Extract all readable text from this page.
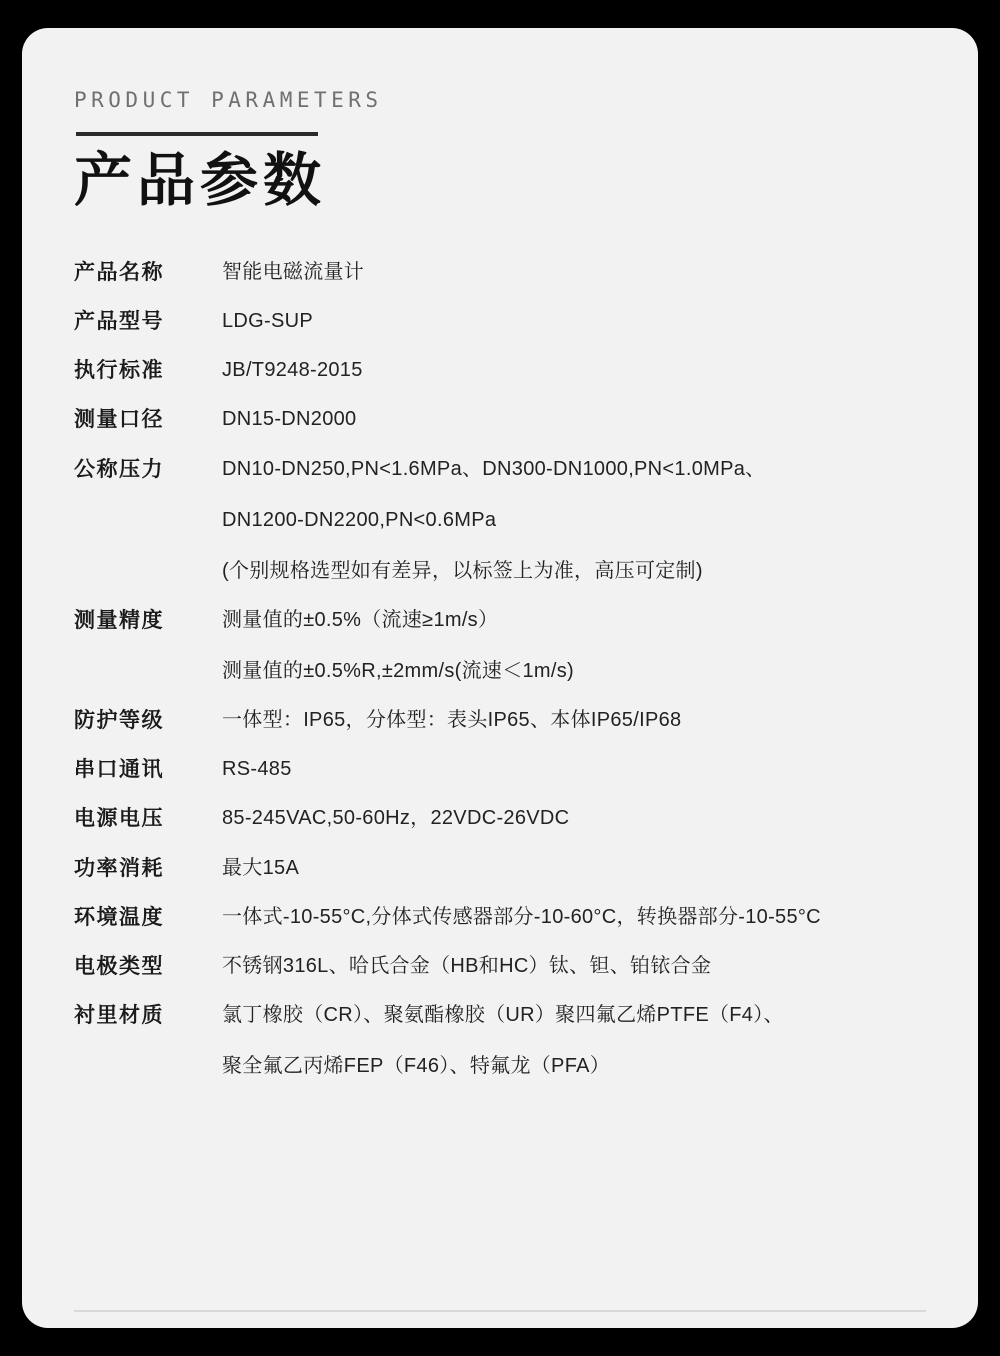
PRODUCT PARAMETERS
产品参数
产品名称	智能电磁流量计

产品型号	LDG-SUP

执行标准	JB/T9248-2015

测量口径	DN15-DN2000

公称压力	DN10-DN250,PN<1.6MPa、DN300-DN1000,PN<1.0MPa、
DN1200-DN2200,PN<0.6MPa
(个别规格选型如有差异，以标签上为准，高压可定制)

测量精度	测量值的±0.5%（流速≥1m/s）
测量值的±0.5%R,±2mm/s(流速＜1m/s)

防护等级	一体型：IP65，分体型：表头IP65、本体IP65/IP68

串口通讯	RS-485

电源电压	85-245VAC,50-60Hz，22VDC-26VDC

功率消耗	最大15A

环境温度	一体式-10-55°C,分体式传感器部分-10-60°C，转换器部分-10-55°C

电极类型	不锈钢316L、哈氏合金（HB和HC）钛、钽、铂铱合金

衬里材质	氯丁橡胶（CR）、聚氨酯橡胶（UR）聚四氟乙烯PTFE（F4）、
聚全氟乙丙烯FEP（F46）、特氟龙（PFA）
